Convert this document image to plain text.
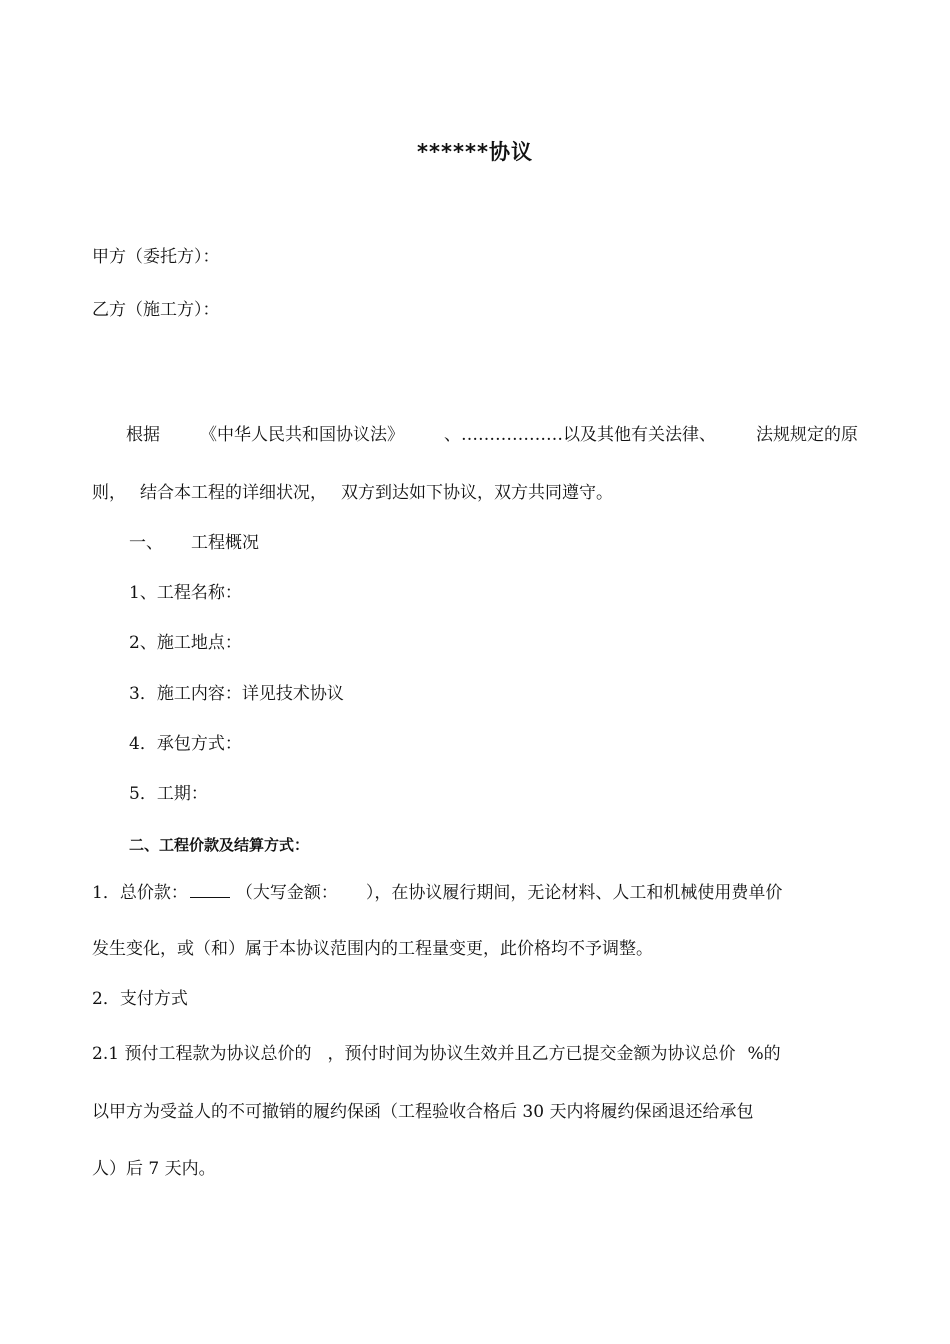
******协议
甲方（委托方）：
乙方（施工方）：
根据 《中华人民共和国协议法》 、………………以及其他有关法律、 法规规定的原
则， 结合本工程的详细状况， 双方到达如下协议，双方共同遵守。
一、 工程概况
1、工程名称：
2、施工地点：
3．施工内容：详见技术协议
4．承包方式：
5．工期：
二、工程价款及结算方式：
1．总价款：	（大写金额： ），在协议履行期间，无论材料、人工和机械使用费单价
发生变化，或（和）属于本协议范围内的工程量变更，此价格均不予调整。
2．支付方式
2.1 预付工程款为协议总价的 ，预付时间为协议生效并且乙方已提交金额为协议总价 %的
以甲方为受益人的不可撤销的履约保函（工程验收合格后 30 天内将履约保函退还给承包
人）后 7 天内。
